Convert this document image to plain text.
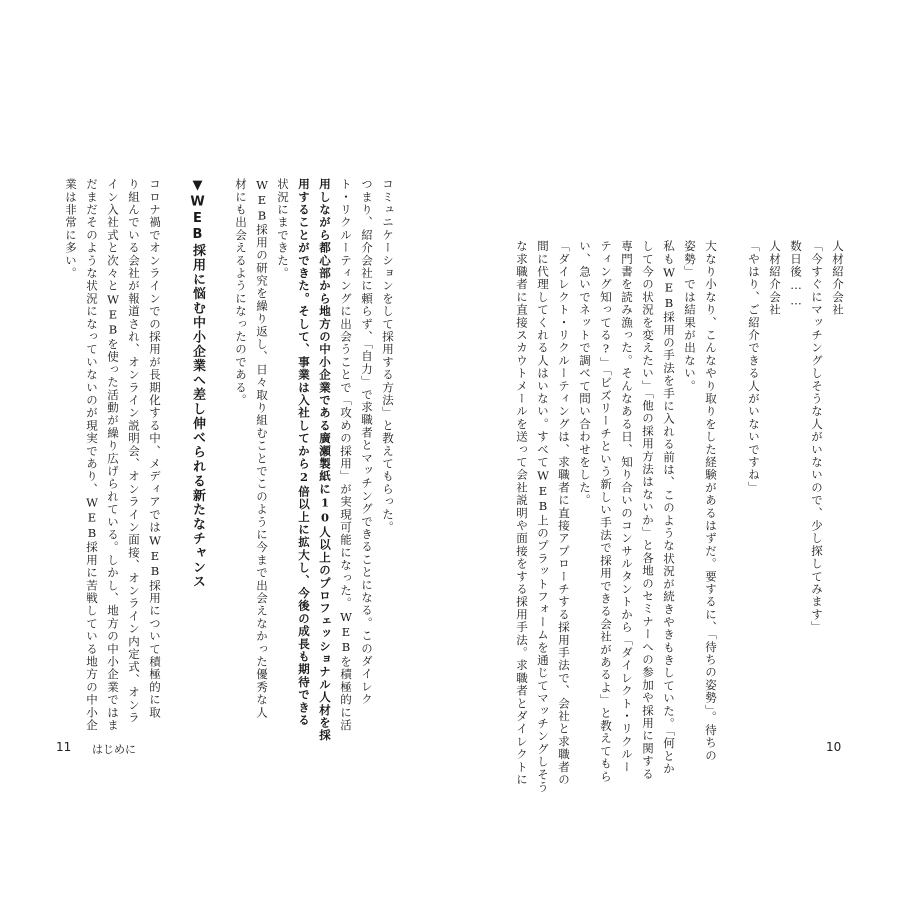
人材紹介会社
「今すぐにマッチングしそうな人がいないので、少し探してみます」
数日後……
人材紹介会社
「やはり、ご紹介できる人がいないですね」
大なり小なり、こんなやり取りをした経験があるはずだ。要するに、「待ちの姿勢」。待ちの
姿勢」では結果が出ない。
私もWEB採用の手法を手に入れる前は、このような状況が続きやきもきしていた。「何とか
して今の状況を変えたい」「他の採用方法はないか」と各地のセミナーへの参加や採用に関する
専門書を読み漁った。そんなある日、知り合いのコンサルタントから「ダイレクト・リクルー
ティング知ってる?」「ビズリーチという新しい手法で採用できる会社があるよ」と教えてもら
い、急いでネットで調べて問い合わせをした。
「ダイレクト・リクルーティングは、求職者に直接アプローチする採用手法で、会社と求職者の
間に代理してくれる人はいない。すべてWEB上のプラットフォームを通じてマッチングしそう
な求職者に直接スカウトメールを送って会社説明や面接をする採用手法。求職者とダイレクトに
コミュニケーションをして採用する方法」と教えてもらった。
つまり、紹介会社に頼らず、「自力」で求職者とマッチングできることになる。このダイレク
ト・リクルーティングに出会うことで「攻めの採用」が実現可能になった。WEBを積極的に活
用しながら都心部から地方の中小企業である廣瀬製紙に10人以上のプロフェッショナル人材を採
用することができた。そして、事業は入社してから2倍以上に拡大し、今後の成長も期待できる
状況にまできた。
WEB採用の研究を繰り返し、日々取り組むことでこのように今まで出会えなかった優秀な人
材にも出会えるようになったのである。
▼WEB採用に悩む中小企業へ差し伸べられる新たなチャンス
コロナ禍でオンラインでの採用が長期化する中、メディアではWEB採用について積極的に取
り組んでいる会社が報道され、オンライン説明会、オンライン面接、オンライン内定式、オンラ
イン入社式と次々とWEBを使った活動が繰り広げられている。しかし、地方の中小企業ではま
だまだそのような状況になっていないのが現実であり、WEB採用に苦戦している地方の中小企
業は非常に多い。
10
11 はじめに
